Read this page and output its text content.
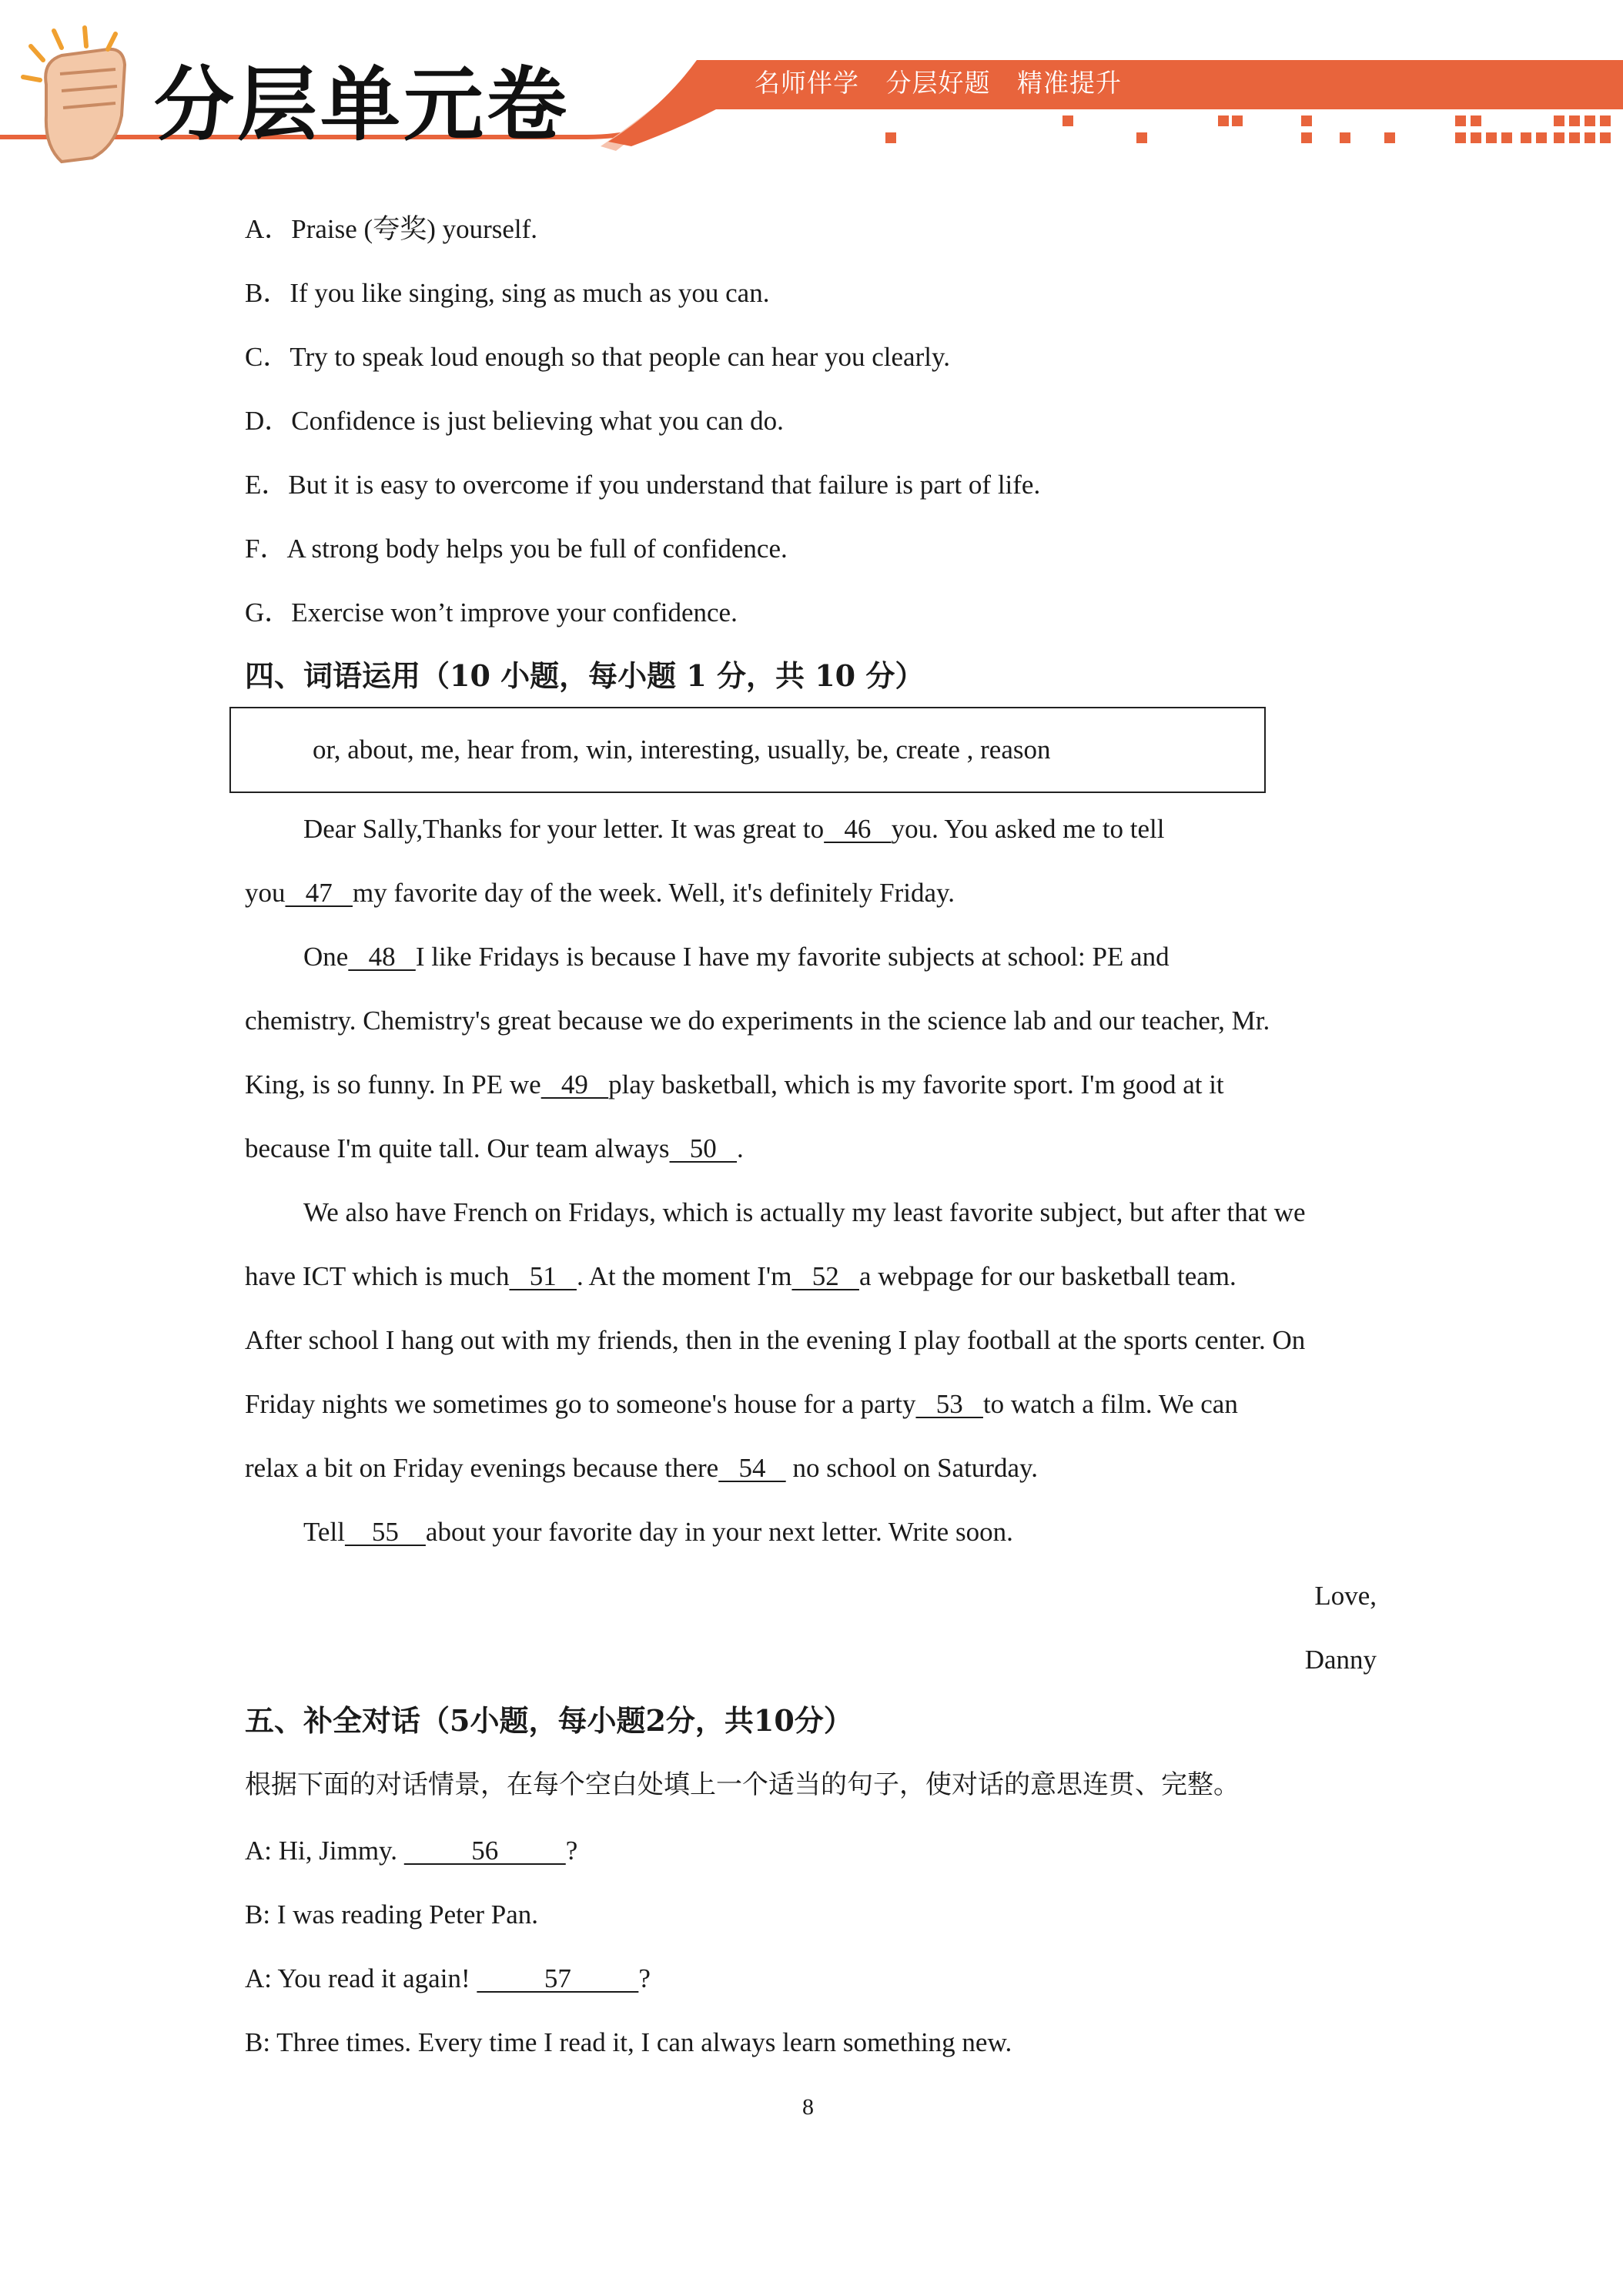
分层单元卷	名师伴学   分层好题   精准提升
A．Praise (夸奖) yourself.
B．If you like singing, sing as much as you can.
C．Try to speak loud enough so that people can hear you clearly.
D．Confidence is just believing what you can do.
E．But it is easy to overcome if you understand that failure is part of life.
F．A strong body helps you be full of confidence.
G．Exercise won’t improve your confidence.
四、词语运用（10 小题，每小题 1 分，共 10 分）
or, about, me, hear from, win, interesting, usually, be, create , reason
Dear Sally,Thanks for your letter. It was great to   46   you. You asked me to tell
you   47   my favorite day of the week. Well, it's definitely Friday.
One   48   I like Fridays is because I have my favorite subjects at school: PE and
chemistry. Chemistry's great because we do experiments in the science lab and our teacher, Mr.
King, is so funny. In PE we   49   play basketball, which is my favorite sport. I'm good at it
because I'm quite tall. Our team always   50   .
We also have French on Fridays, which is actually my least favorite subject, but after that we
have ICT which is much   51   . At the moment I'm   52   a webpage for our basketball team.
After school I hang out with my friends, then in the evening I play football at the sports center. On
Friday nights we sometimes go to someone's house for a party   53   to watch a film. We can
relax a bit on Friday evenings because there   54    no school on Saturday.
Tell    55    about your favorite day in your next letter. Write soon.
Love,
Danny
五、补全对话（5小题，每小题2分，共10分）
根据下面的对话情景，在每个空白处填上一个适当的句子，使对话的意思连贯、完整。
A: Hi, Jimmy.           56          ?
B: I was reading Peter Pan.
A: You read it again!           57          ?
B: Three times. Every time I read it, I can always learn something new.
8
